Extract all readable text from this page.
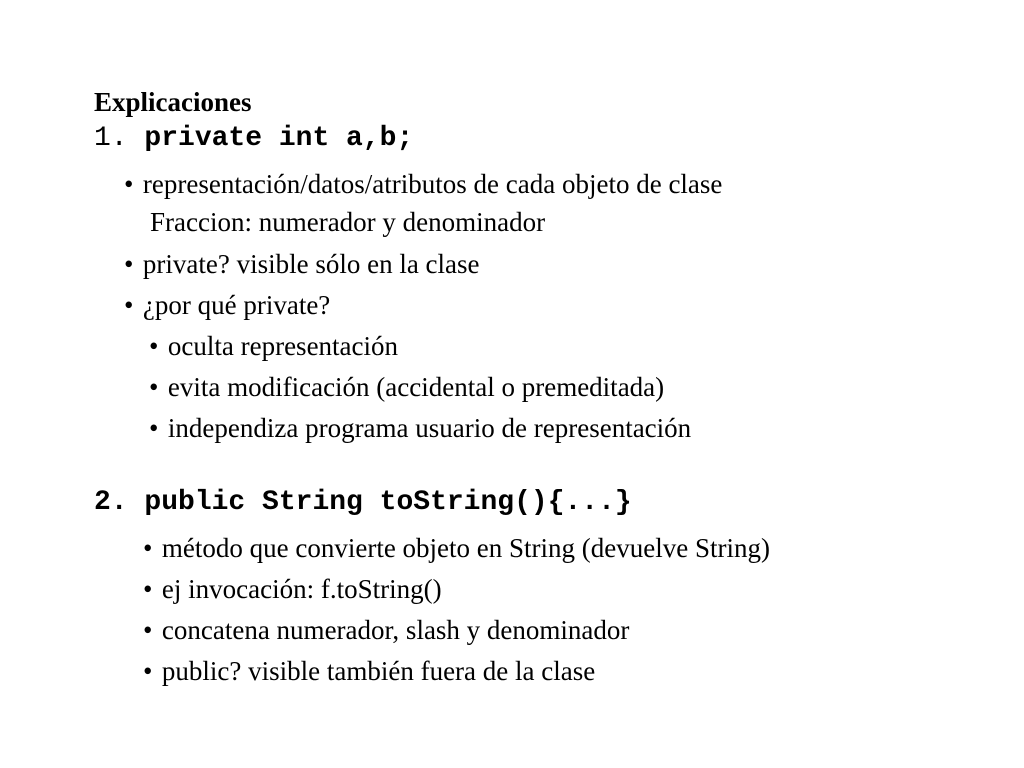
Explicaciones
1. private int a,b;
• representación/datos/atributos de cada objeto de clase
Fraccion: numerador y denominador
• private? visible sólo en la clase
• ¿por qué private?
• oculta representación
• evita modificación (accidental o premeditada)
• independiza programa usuario de representación
2. public String toString(){...}
• método que convierte objeto en String (devuelve String)
• ej invocación: f.toString()
• concatena numerador, slash y denominador
• public? visible también fuera de la clase
